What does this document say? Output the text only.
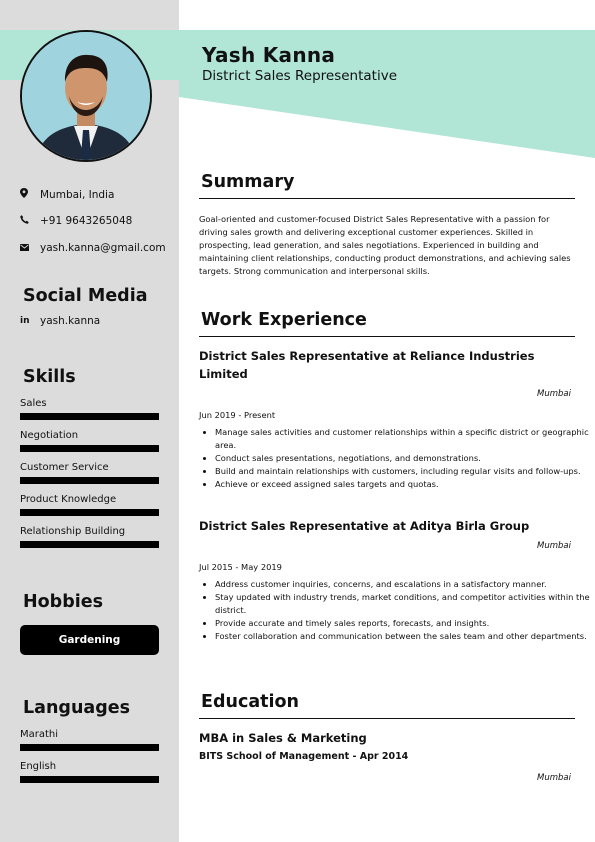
Yash Kanna
District Sales Representative
Mumbai, India
+91 9643265048
yash.kanna@gmail.com
Social Media
in	yash.kanna
Skills
Sales
Negotiation
Customer Service
Product Knowledge
Relationship Building
Hobbies
Gardening
Languages
Marathi
English
Summary
Goal-oriented and customer-focused District Sales Representative with a passion for driving sales growth and delivering exceptional customer experiences. Skilled in prospecting, lead generation, and sales negotiations. Experienced in building and maintaining client relationships, conducting product demonstrations, and achieving sales targets. Strong communication and interpersonal skills.
Work Experience
District Sales Representative at Reliance Industries Limited
Mumbai
Jun 2019 - Present
• Manage sales activities and customer relationships within a specific district or geographic area.
• Conduct sales presentations, negotiations, and demonstrations.
• Build and maintain relationships with customers, including regular visits and follow-ups.
• Achieve or exceed assigned sales targets and quotas.
District Sales Representative at Aditya Birla Group
Mumbai
Jul 2015 - May 2019
• Address customer inquiries, concerns, and escalations in a satisfactory manner.
• Stay updated with industry trends, market conditions, and competitor activities within the district.
• Provide accurate and timely sales reports, forecasts, and insights.
• Foster collaboration and communication between the sales team and other departments.
Education
MBA in Sales & Marketing
BITS School of Management - Apr 2014
Mumbai
